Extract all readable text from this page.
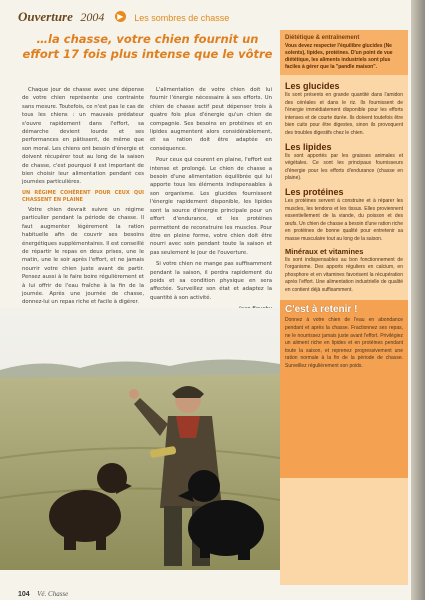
Ouverture 2004 ▶ Les sombres de chasse
…la chasse, votre chien fournit un effort 17 fois plus intense que le vôtre

Chaque jour de chasse avec une dépense de votre chien représente une contrainte sans mesure. Toutefois, ce n'est pas le cas de tous les chiens : un mauvais prédateur s'ouvre rapidement dans l'effort, sa démarche devient lourde et ses performances en pâtissent, de même que son moral. Les chiens ont besoin d'énergie et doivent récupérer tout au long de la saison de chasse, c'est pourquoi il est important de bien choisir leur alimentation pendant ces journées particulières.

UN RÉGIME COHÉRENT POUR CEUX QUI CHASSENT EN PLAINE

Votre chien devrait suivre un régime particulier pendant la période de chasse. Il faut augmenter légèrement la ration habituelle afin de couvrir ses besoins énergétiques supplémentaires. Il est conseillé de répartir le repas en deux prises, une le matin, une le soir après l'effort, et ne jamais nourrir votre chien juste avant de partir. Pensez aussi à le faire boire régulièrement et à lui offrir de l'eau fraîche à la fin de la journée. Après une journée de chasse, donnez-lui un repas riche et facile à digérer.

L'alimentation de votre chien doit lui fournir l'énergie nécessaire à ses efforts. Un chien de chasse actif peut dépenser trois à quatre fois plus d'énergie qu'un chien de compagnie. Ses besoins en protéines et en lipides augmentent alors considérablement, et sa ration doit être adaptée en conséquence.

Pour ceux qui courent en plaine, l'effort est intense et prolongé. Le chien de chasse a besoin d'une alimentation équilibrée qui lui apporte tous les éléments indispensables à son organisme. Les glucides fournissent l'énergie rapidement disponible, les lipides sont la source d'énergie principale pour un effort d'endurance, et les protéines permettent de reconstruire les muscles. Pour être en pleine forme, votre chien doit être nourri avec soin pendant toute la saison et pas seulement le jour de l'ouverture.

Si votre chien ne mange pas suffisamment pendant la saison, il perdra rapidement du poids et sa condition physique en sera affectée. Surveillez son état et adaptez la quantité à son activité.

Diététique & entraînement
Vous devez respecter l'équilibre glucides (Ne solents), lipides, protéines. D'un point de vue diététique, les aliments industriels sont plus faciles à gérer que la "pandle maison".
Les glucides
Ils sont présents en grande quantité dans l'amidon des céréales et dans le riz. Ils fournissent de l'énergie immédiatement disponible pour les efforts intenses et de courte durée. Ils doivent toutefois être bien cuits pour être digestes, sinon ils provoquent des troubles digestifs chez le chien.
Les lipides
Ils sont apportés par les graisses animales et végétales. Ce sont les principaux fournisseurs d'énergie pour les efforts d'endurance (chasse en plaine).
Les protéines
Les protéines servent à construire et à réparer les muscles, les tendons et les tissus. Elles proviennent essentiellement de la viande, du poisson et des œufs. Un chien de chasse a besoin d'une ration riche en protéines de bonne qualité pour entretenir sa masse musculaire tout au long de la saison.
Minéraux et vitamines
Ils sont indispensables au bon fonctionnement de l'organisme. Des apports réguliers en calcium, en phosphore et en vitamines favorisent la récupération après l'effort. Une alimentation industrielle de qualité en contient déjà suffisamment.
C'est à retenir !
Donnez à votre chien de l'eau en abondance pendant et après la chasse. Fractionnez ses repas, ne le nourrissez jamais juste avant l'effort. Privilégiez un aliment riche en lipides et en protéines pendant toute la saison, et reprenez progressivement une ration normale à la fin de la période de chasse. Surveillez régulièrement son poids.
104 Vé. Chasse
